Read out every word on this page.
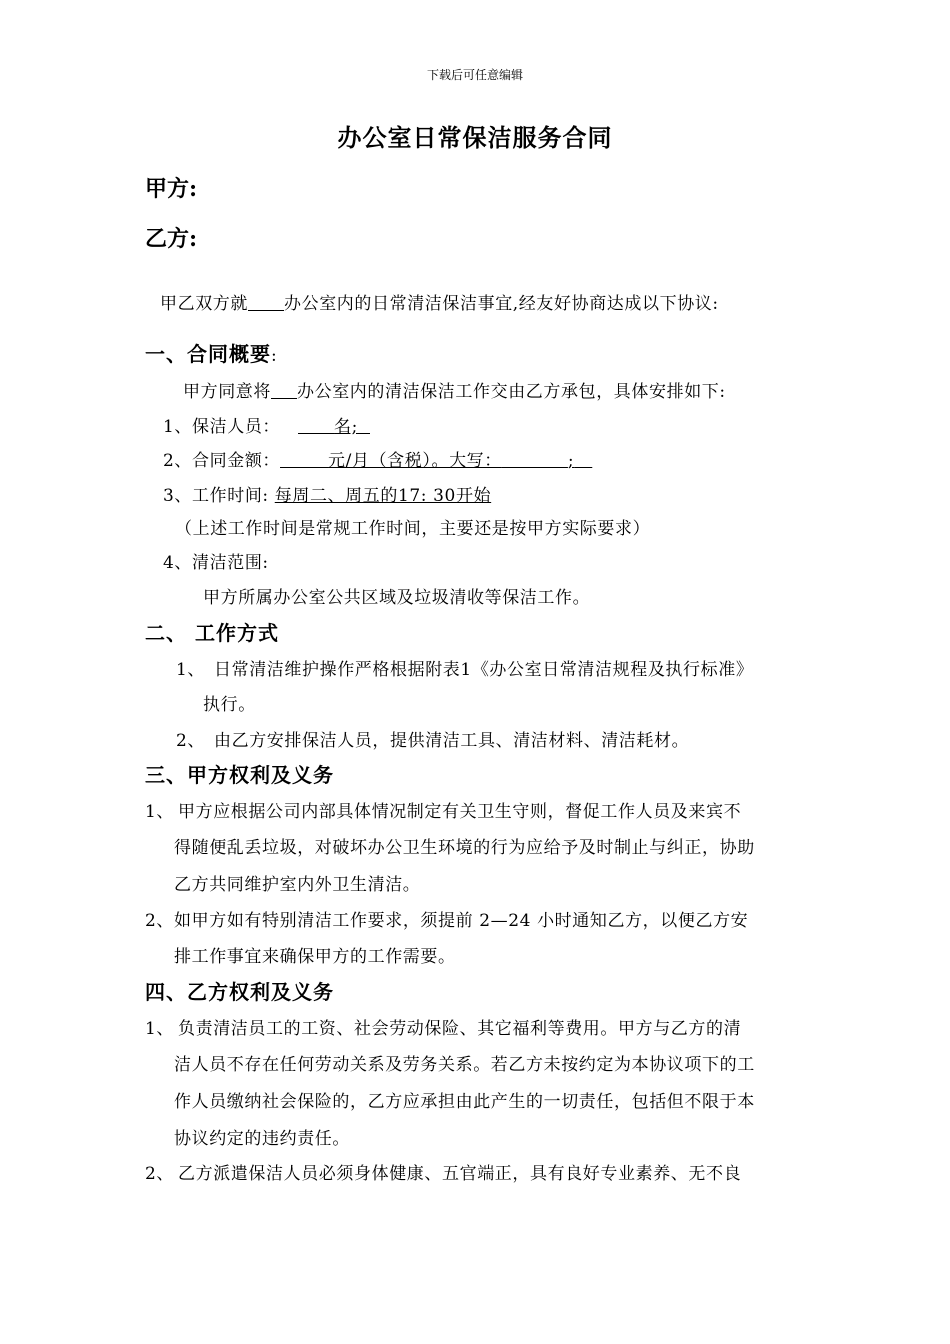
下载后可任意编辑
办公室日常保洁服务合同
甲方:
乙方:
甲乙双方就 办公室内的日常清洁保洁事宜,经友好协商达成以下协议:
一、合同概要:
甲方同意将 办公室内的清洁保洁工作交由乙方承包，具体安排如下:
1、保洁人员：	名;
2、合同金额：	元/月（含税）。大写：	;
3、工作时间: 每周二、周五的17: 30开始
（上述工作时间是常规工作时间，主要还是按甲方实际要求）
4、清洁范围:
甲方所属办公室公共区域及垃圾清收等保洁工作。
二、 工作方式
1、 日常清洁维护操作严格根据附表1《办公室日常清洁规程及执行标准》
执行。
2、 由乙方安排保洁人员，提供清洁工具、清洁材料、清洁耗材。
三、甲方权利及义务
1、 甲方应根据公司内部具体情况制定有关卫生守则，督促工作人员及来宾不
得随便乱丢垃圾，对破坏办公卫生环境的行为应给予及时制止与纠正，协助
乙方共同维护室内外卫生清洁。
2、如甲方如有特别清洁工作要求，须提前 2—24 小时通知乙方，以便乙方安
排工作事宜来确保甲方的工作需要。
四、乙方权利及义务
1、 负责清洁员工的工资、社会劳动保险、其它福利等费用。甲方与乙方的清
洁人员不存在任何劳动关系及劳务关系。若乙方未按约定为本协议项下的工
作人员缴纳社会保险的，乙方应承担由此产生的一切责任，包括但不限于本
协议约定的违约责任。
2、 乙方派遣保洁人员必须身体健康、五官端正，具有良好专业素养、无不良
